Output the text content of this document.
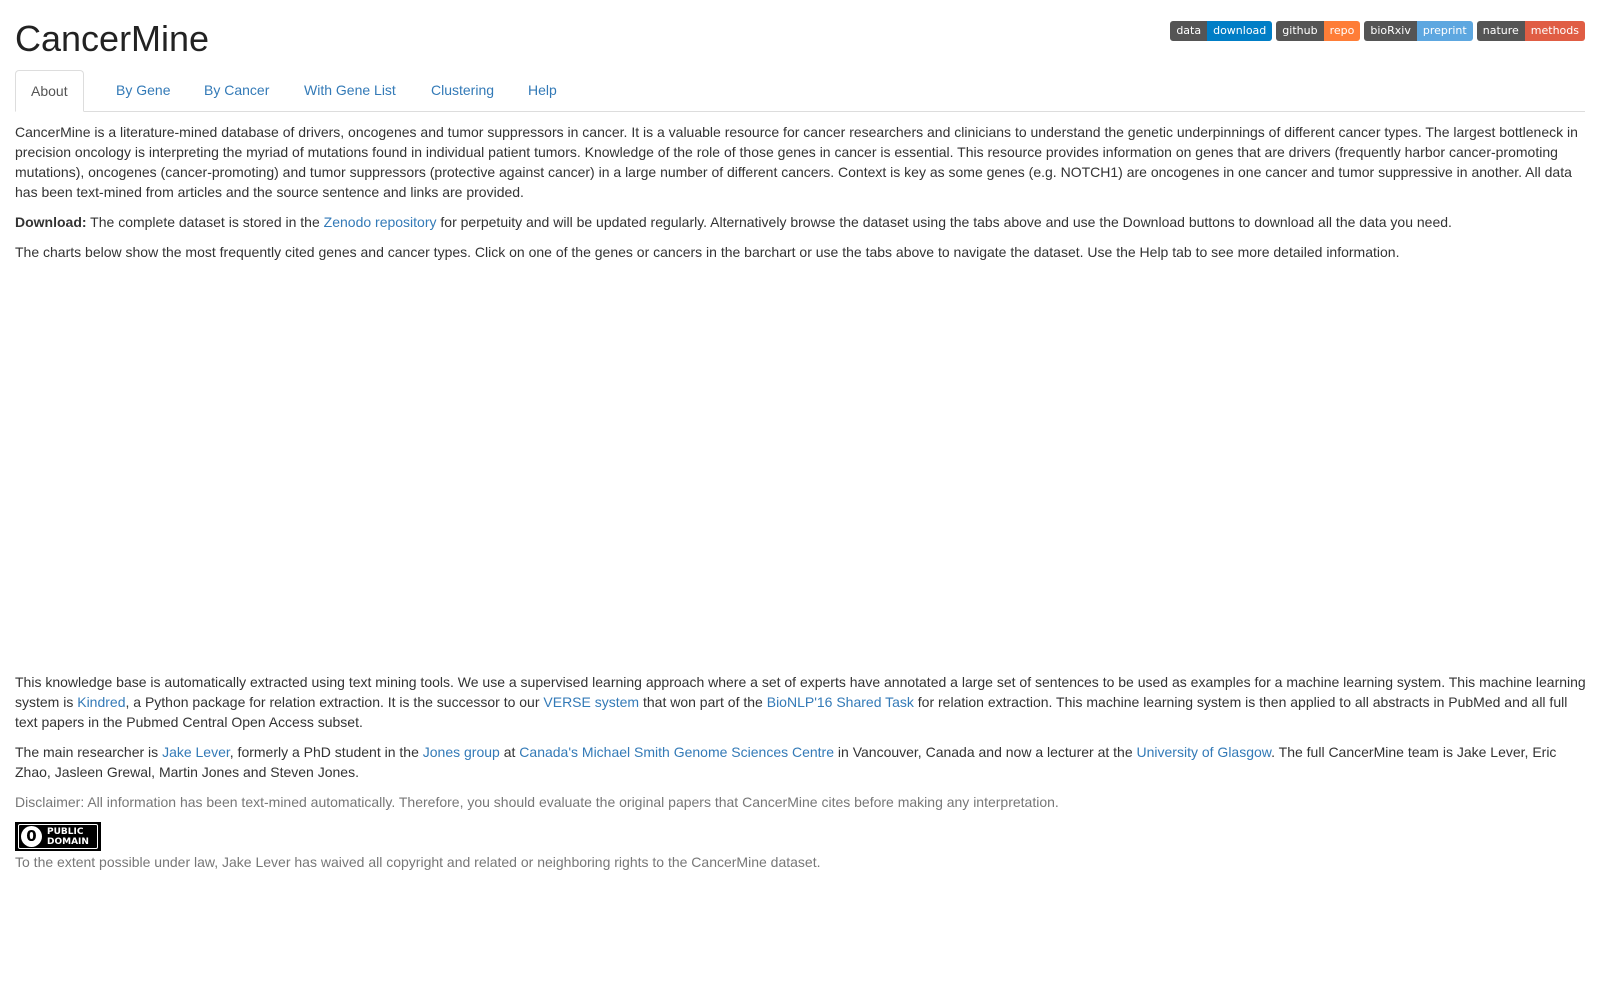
CancerMine	data	download	github	repo	bioRxiv	preprint	nature	methods
About	By Gene	By Cancer	With Gene List	Clustering	Help

CancerMine is a literature-mined database of drivers, oncogenes and tumor suppressors in cancer. It is a valuable resource for cancer researchers and clinicians to understand the genetic underpinnings of different cancer types. The largest bottleneck in precision oncology is interpreting the myriad of mutations found in individual patient tumors. Knowledge of the role of those genes in cancer is essential. This resource provides information on genes that are drivers (frequently harbor cancer-promoting mutations), oncogenes (cancer-promoting) and tumor suppressors (protective against cancer) in a large number of different cancers. Context is key as some genes (e.g. NOTCH1) are oncogenes in one cancer and tumor suppressive in another. All data has been text-mined from articles and the source sentence and links are provided.

Download: The complete dataset is stored in the Zenodo repository for perpetuity and will be updated regularly. Alternatively browse the dataset using the tabs above and use the Download buttons to download all the data you need.

The charts below show the most frequently cited genes and cancer types. Click on one of the genes or cancers in the barchart or use the tabs above to navigate the dataset. Use the Help tab to see more detailed information.

This knowledge base is automatically extracted using text mining tools. We use a supervised learning approach where a set of experts have annotated a large set of sentences to be used as examples for a machine learning system. This machine learning system is Kindred, a Python package for relation extraction. It is the successor to our VERSE system that won part of the BioNLP'16 Shared Task for relation extraction. This machine learning system is then applied to all abstracts in PubMed and all full text papers in the Pubmed Central Open Access subset.

The main researcher is Jake Lever, formerly a PhD student in the Jones group at Canada's Michael Smith Genome Sciences Centre in Vancouver, Canada and now a lecturer at the University of Glasgow. The full CancerMine team is Jake Lever, Eric Zhao, Jasleen Grewal, Martin Jones and Steven Jones.

Disclaimer: All information has been text-mined automatically. Therefore, you should evaluate the original papers that CancerMine cites before making any interpretation.

0	PUBLIC
DOMAIN

To the extent possible under law, Jake Lever has waived all copyright and related or neighboring rights to the CancerMine dataset.
